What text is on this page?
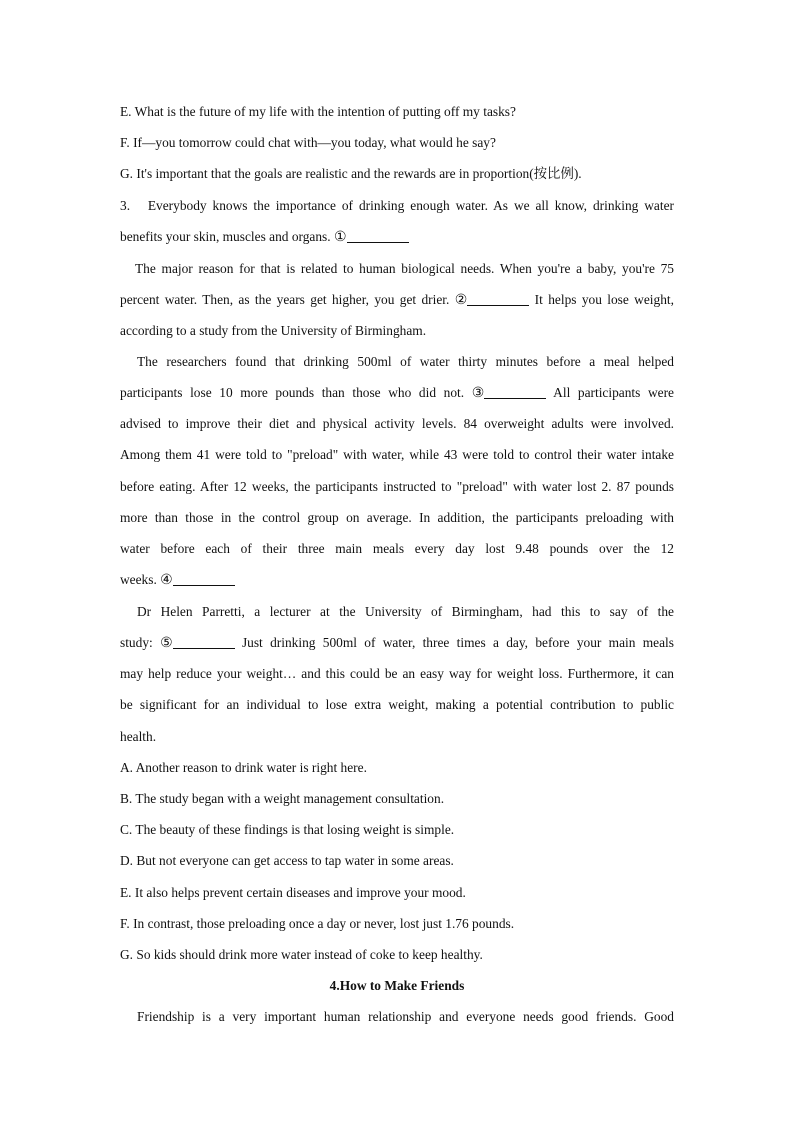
E. What is the future of my life with the intention of putting off my tasks?
F. If—you tomorrow could chat with—you today, what would he say?
G. It's important that the goals are realistic and the rewards are in proportion(按比例).
3. Everybody knows the importance of drinking enough water. As we all know, drinking water
benefits your skin, muscles and organs. ①
The major reason for that is related to human biological needs. When you're a baby, you're 75
percent water. Then, as the years get higher, you get drier. ②	It helps you lose weight,
according to a study from the University of Birmingham.
The researchers found that drinking 500ml of water thirty minutes before a meal helped
participants lose 10 more pounds than those who did not. ③	All participants were
advised to improve their diet and physical activity levels. 84 overweight adults were involved.
Among them 41 were told to "preload" with water, while 43 were told to control their water intake
before eating. After 12 weeks, the participants instructed to "preload" with water lost 2. 87 pounds
more than those in the control group on average. In addition, the participants preloading with
water before each of their three main meals every day lost 9.48 pounds over the 12
weeks. ④
Dr Helen Parretti, a lecturer at the University of Birmingham, had this to say of the
study: ⑤	Just drinking 500ml of water, three times a day, before your main meals
may help reduce your weight… and this could be an easy way for weight loss. Furthermore, it can
be significant for an individual to lose extra weight, making a potential contribution to public
health.
A. Another reason to drink water is right here.
B. The study began with a weight management consultation.
C. The beauty of these findings is that losing weight is simple.
D. But not everyone can get access to tap water in some areas.
E. It also helps prevent certain diseases and improve your mood.
F. In contrast, those preloading once a day or never, lost just 1.76 pounds.
G. So kids should drink more water instead of coke to keep healthy.
4.How to Make Friends
Friendship is a very important human relationship and everyone needs good friends. Good
